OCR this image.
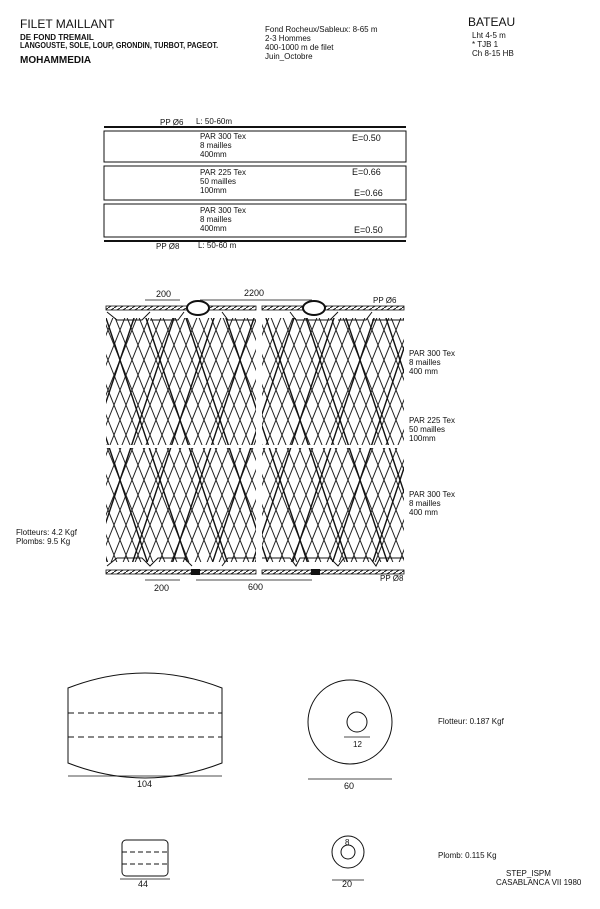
FILET MAILLANT
DE FOND TREMAIL
LANGOUSTE, SOLE, LOUP, GRONDIN, TURBOT, PAGEOT.
MOHAMMEDIA
Fond Rocheux/Sableux: 8-65 m
2-3 Hommes
400-1000 m de filet
Juin_Octobre
BATEAU
Lht 4-5 m
* TJB 1
Ch 8-15 HB
PP Ø6 L: 50-60m
PP Ø8 L: 50-60 m
PAR 300 Tex
8 mailles
400mm
E=0.50
PAR 225 Tex
50 mailles
100mm
E=0.66
E=0.66
PAR 300 Tex
8 mailles
400mm	E=0.50
200	2200
PP Ø6
200	600
PP Ø8
PAR 300 Tex
8 mailles
400 mm
PAR 225 Tex
50 mailles
100mm
PAR 300 Tex
8 mailles
400 mm
Flotteurs: 4.2 Kgf
Plombs: 9.5 Kg
104
12
60
Flotteur: 0.187 Kgf
44
8
20
Plomb: 0.115 Kg
STEP_ISPM
CASABLANCA VII 1980
